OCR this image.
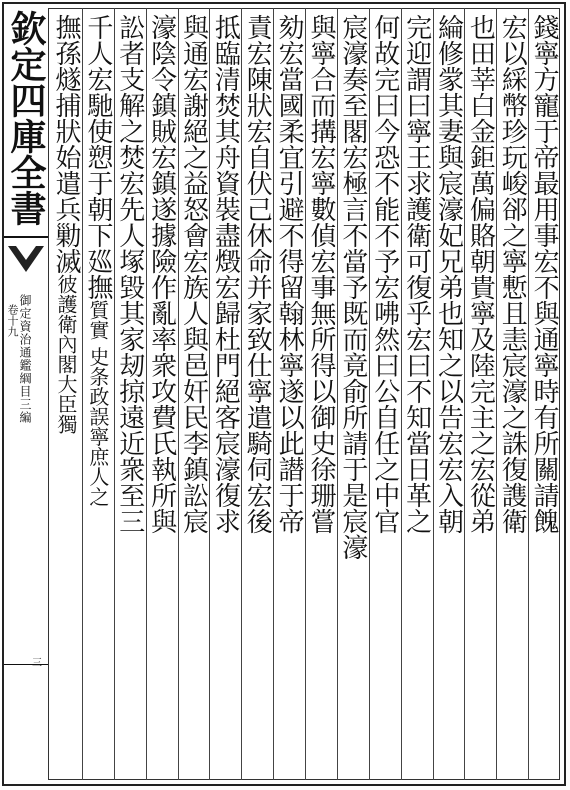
欽定四庫全書
御定資治通鑑綱目三編
卷十九
三
錢寧方寵于帝最用事宏不與通寧時有所關請餽
宏以綵幣珍玩峻郤之寧慙且恚宸濠之誅復謢衛
也田莘白金鉅萬偏賂朝貴寧及陸完主之宏從弟
綸修䝉其妻與宸濠妃兄弟也知之以告宏宏入朝
完迎謂曰寧王求護衛可復乎宏曰不知當日革之
何故完曰今恐不能不予宏咈然曰公自任之中官
宸濠奏至閣宏極言不當予既而竟俞所請于是宸濠
與寧合而搆宏寧數偵宏事無所得以御史徐珊嘗
劾宏當國柔宜引避不得留翰林寧遂以此譛于帝
責宏陳狀宏自伏己休命并家致仕寧遣騎伺宏後
抵臨清焚其舟資裝盡燬宏歸杜門絕客宸濠復求
與通宏謝絕之益怒會宏族人與邑奸民李鎮訟宸
濠陰令鎮賊宏鎮遂據險作亂率衆攻費氏執所與
訟者支解之焚宏先人塚毀其家刼掠遠近衆至三
千人宏馳使愬于朝下廵撫質實 史条政誤寧庶人之
撫孫燧捕狀始遣兵勦滅彼護衛內閣大臣獨
